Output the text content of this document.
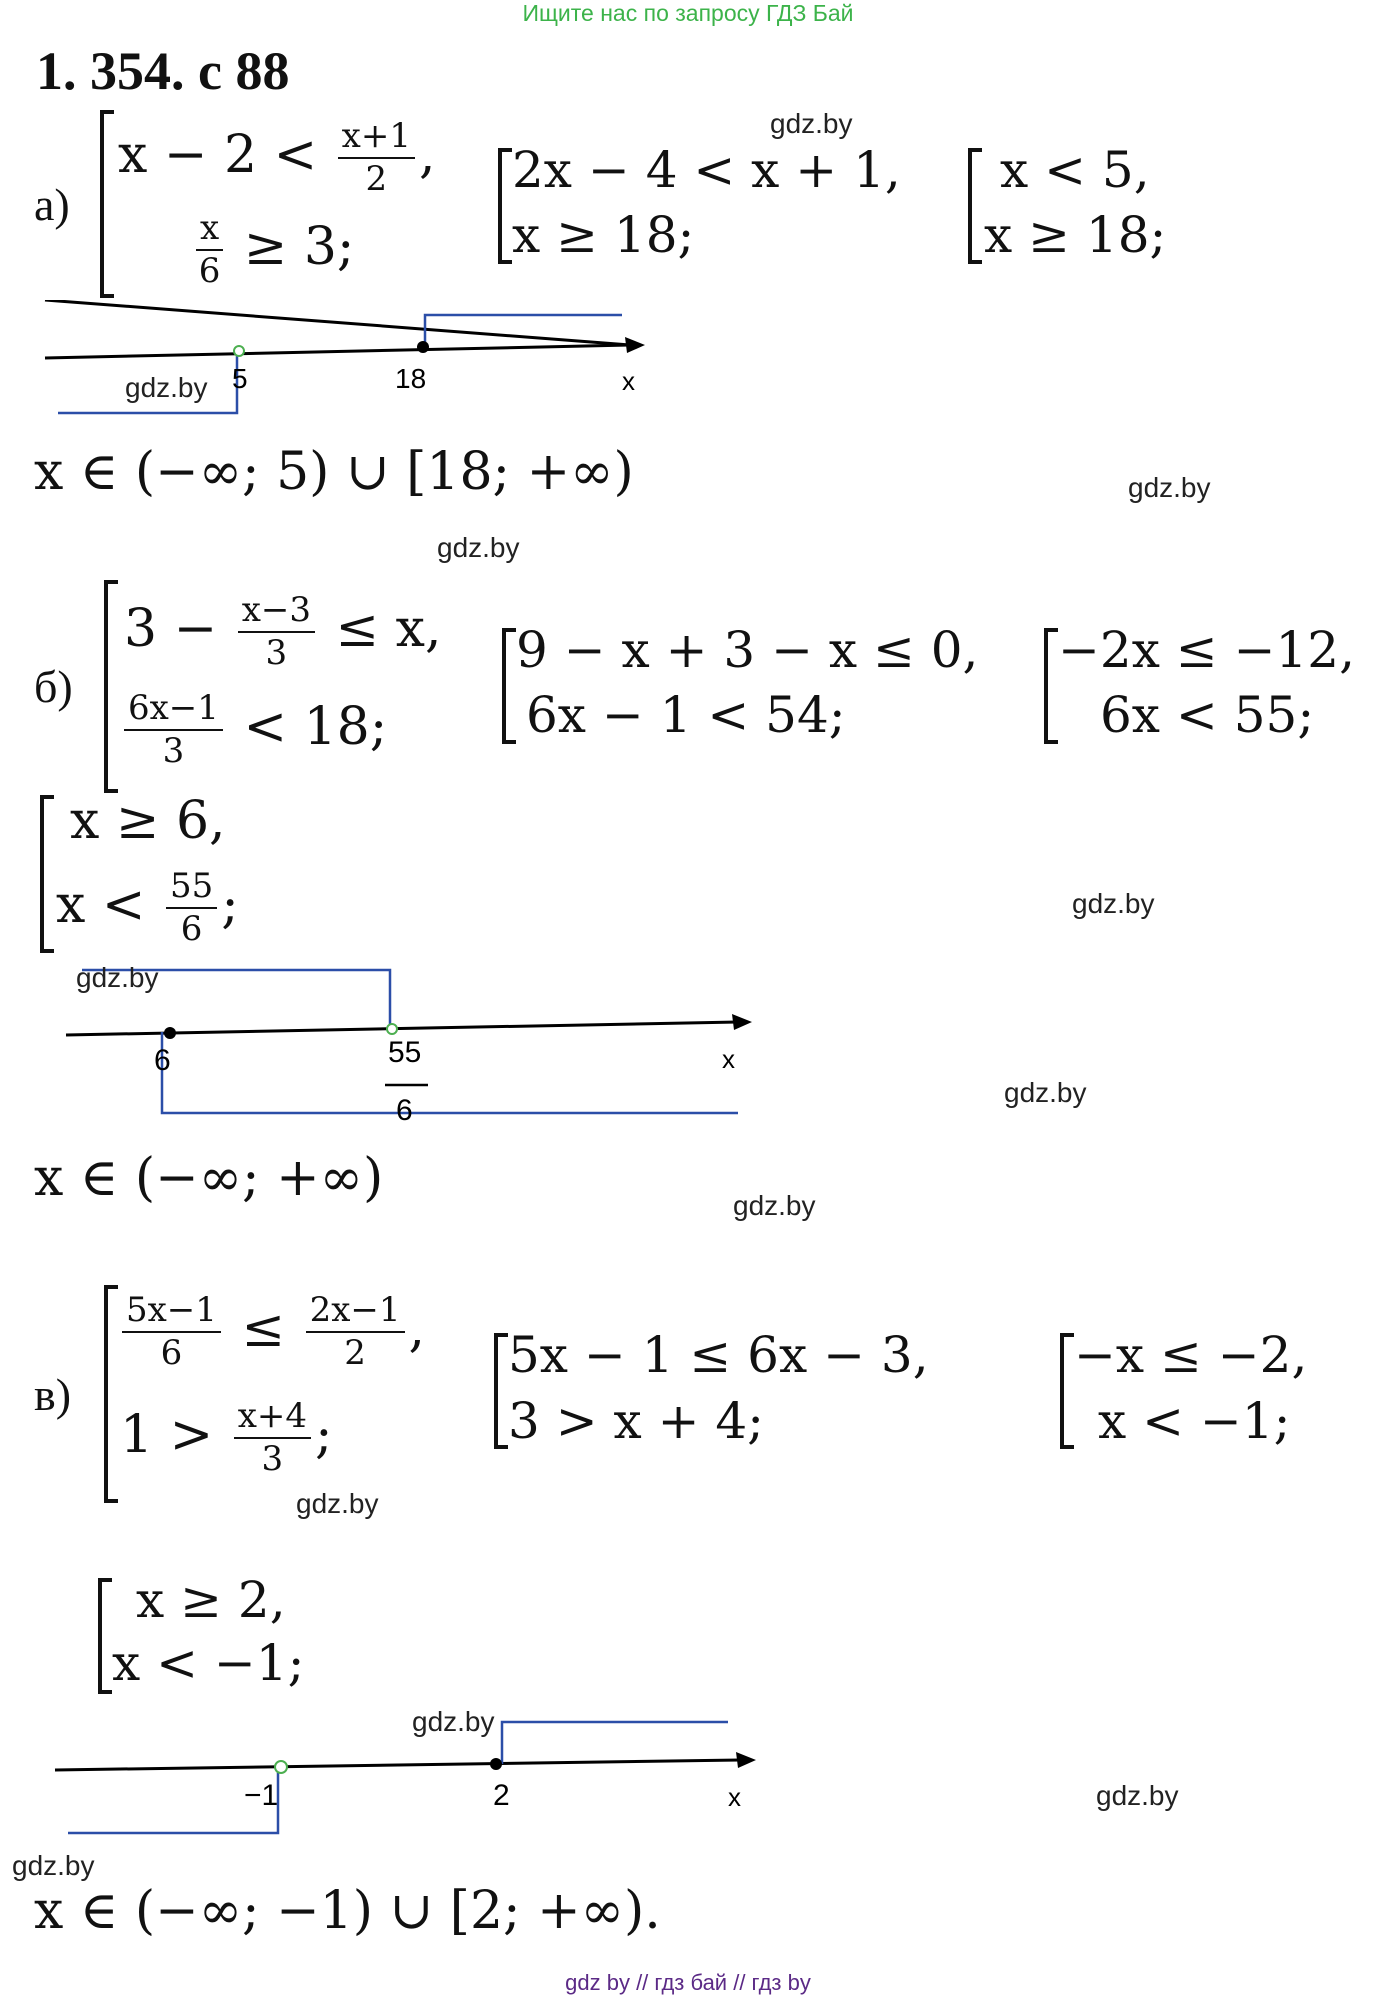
Ищите нас по запросу ГДЗ Бай
1. 354. с 88
а)
$x - 2 < \frac{x+1}{2}$ ,
$\frac{x}{6} \ge 3$;
2x − 4 < x + 1,
x ≥ 18;
x < 5,
x ≥ 18;
5	18	x
x ∈ (−∞; 5) ∪ [18; +∞)
б)
$3 - \frac{x-3}{3} \le x$,
$\frac{6x-1}{3} < 18$;
9 − x + 3 − x ≤ 0,
6x − 1 < 54;
−2x ≤ −12,
6x < 55;
x ≥ 6,
$x < \frac{55}{6}$ ;
6	55
6
x
x ∈ (−∞; +∞)
в)
$\frac{5x-1}{6} \le \frac{2x-1}{2}$ ,
$1 > \frac{x+4}{3}$ ;
5x − 1 ≤ 6x − 3,
3 > x + 4;
−x ≤ −2,
x < −1;
x ≥ 2,
x < −1;
−1	2	x
x ∈ (−∞; −1) ∪ [2; +∞).
gdz.by
gdz.by
gdz.by
gdz.by
gdz.by
gdz.by
gdz.by
gdz.by
gdz.by
gdz.by
gdz.by
gdz.by
gdz by // гдз бай // гдз by
